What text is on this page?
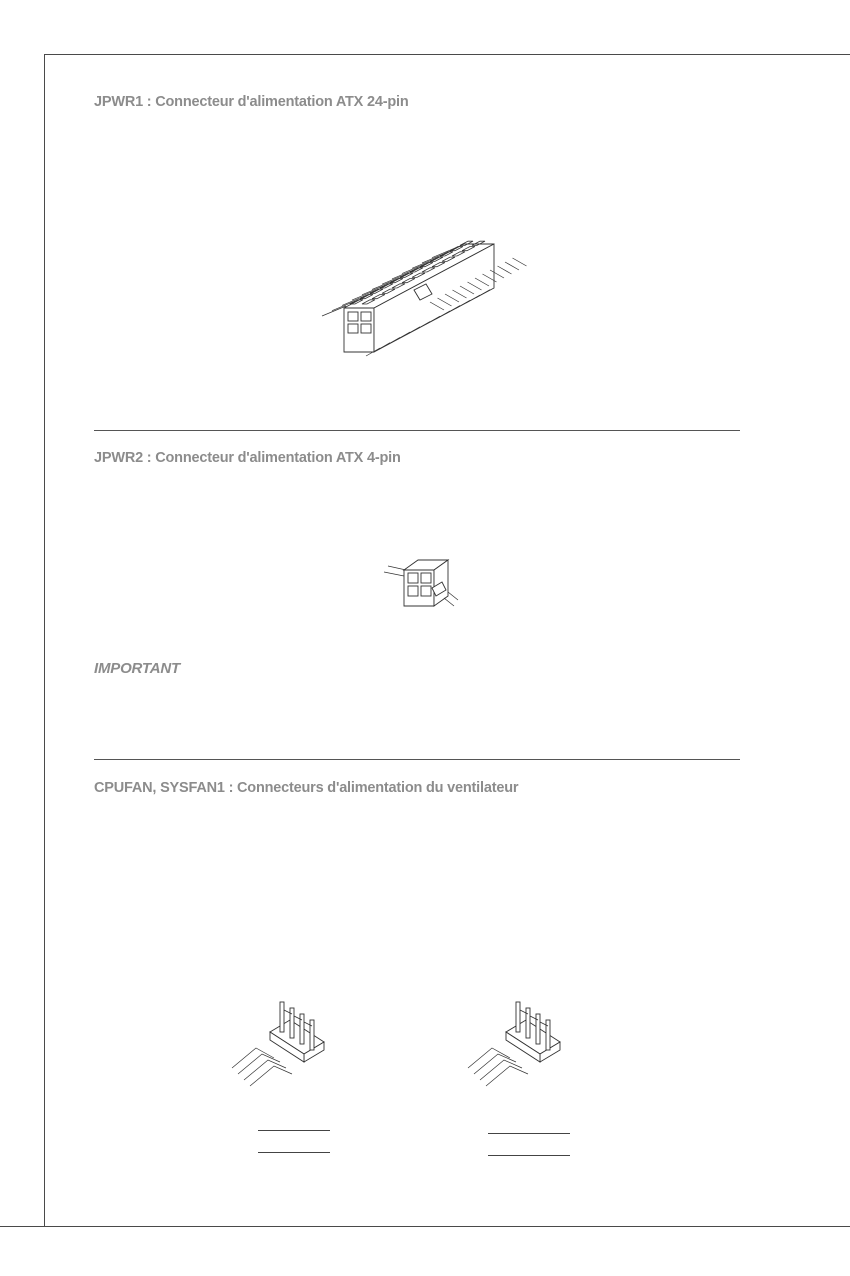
JPWR1 : Connecteur d'alimentation ATX 24-pin
JPWR2 : Connecteur d'alimentation ATX 4-pin
IMPORTANT
CPUFAN, SYSFAN1 : Connecteurs d'alimentation du ventilateur
